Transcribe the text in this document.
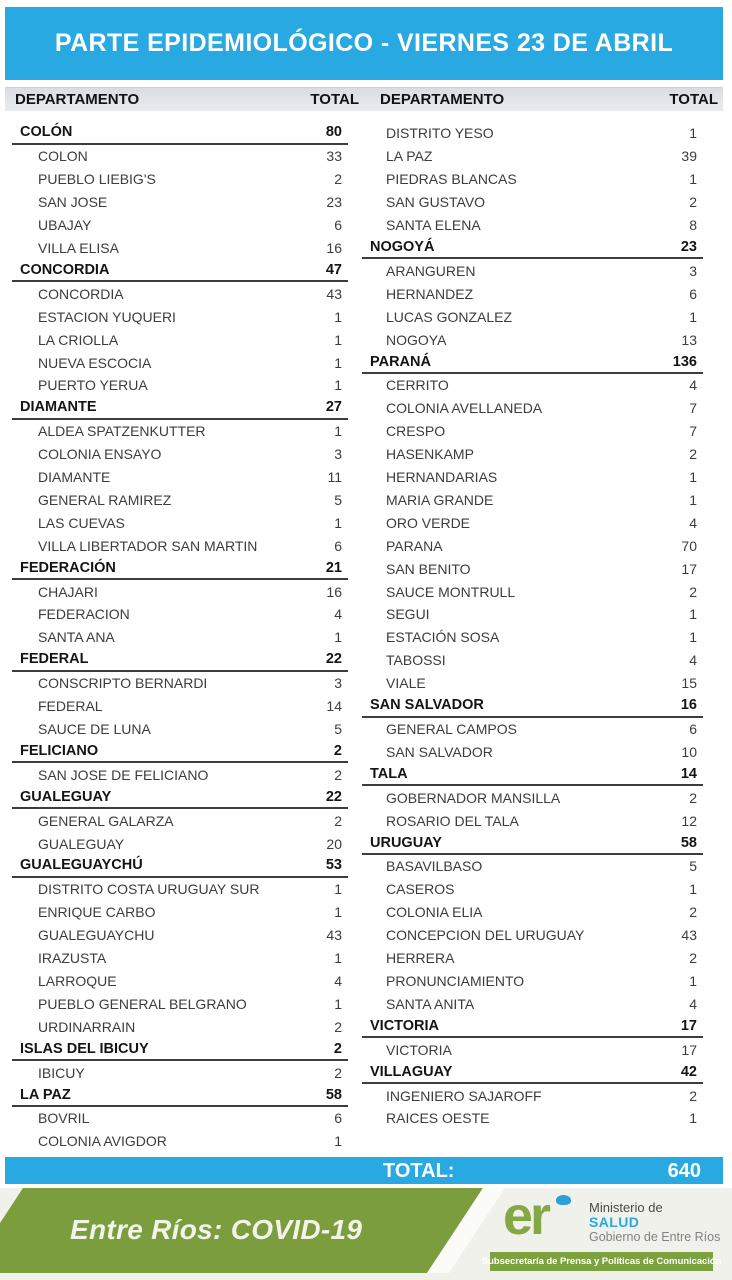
PARTE EPIDEMIOLÓGICO - VIERNES 23 DE ABRIL
DEPARTAMENTO	TOTAL DEPARTAMENTO	TOTAL
COLÓN	80
COLON	33
PUEBLO LIEBIG'S	2
SAN JOSE	23
UBAJAY	6
VILLA ELISA	16
CONCORDIA	47
CONCORDIA	43
ESTACION YUQUERI	1
LA CRIOLLA	1
NUEVA ESCOCIA	1
PUERTO YERUA	1
DIAMANTE	27
ALDEA SPATZENKUTTER	1
COLONIA ENSAYO	3
DIAMANTE	11
GENERAL RAMIREZ	5
LAS CUEVAS	1
VILLA LIBERTADOR SAN MARTIN	6
FEDERACIÓN	21
CHAJARI	16
FEDERACION	4
SANTA ANA	1
FEDERAL	22
CONSCRIPTO BERNARDI	3
FEDERAL	14
SAUCE DE LUNA	5
FELICIANO	2
SAN JOSE DE FELICIANO	2
GUALEGUAY	22
GENERAL GALARZA	2
GUALEGUAY	20
GUALEGUAYCHÚ	53
DISTRITO COSTA URUGUAY SUR	1
ENRIQUE CARBO	1
GUALEGUAYCHU	43
IRAZUSTA	1
LARROQUE	4
PUEBLO GENERAL BELGRANO	1
URDINARRAIN	2
ISLAS DEL IBICUY	2
IBICUY	2
LA PAZ	58
BOVRIL	6
COLONIA AVIGDOR	1
DISTRITO YESO	1
LA PAZ	39
PIEDRAS BLANCAS	1
SAN GUSTAVO	2
SANTA ELENA	8
NOGOYÁ	23
ARANGUREN	3
HERNANDEZ	6
LUCAS GONZALEZ	1
NOGOYA	13
PARANÁ	136
CERRITO	4
COLONIA AVELLANEDA	7
CRESPO	7
HASENKAMP	2
HERNANDARIAS	1
MARIA GRANDE	1
ORO VERDE	4
PARANA	70
SAN BENITO	17
SAUCE MONTRULL	2
SEGUI	1
ESTACIÓN SOSA	1
TABOSSI	4
VIALE	15
SAN SALVADOR	16
GENERAL CAMPOS	6
SAN SALVADOR	10
TALA	14
GOBERNADOR MANSILLA	2
ROSARIO DEL TALA	12
URUGUAY	58
BASAVILBASO	5
CASEROS	1
COLONIA ELIA	2
CONCEPCION DEL URUGUAY	43
HERRERA	2
PRONUNCIAMIENTO	1
SANTA ANITA	4
VICTORIA	17
VICTORIA	17
VILLAGUAY	42
INGENIERO SAJAROFF	2
RAICES OESTE	1
TOTAL:	640
Entre Ríos: COVID-19	er	Ministerio de
SALUD
Gobierno de Entre Ríos
Subsecretaría de Prensa y Políticas de Comunicación
